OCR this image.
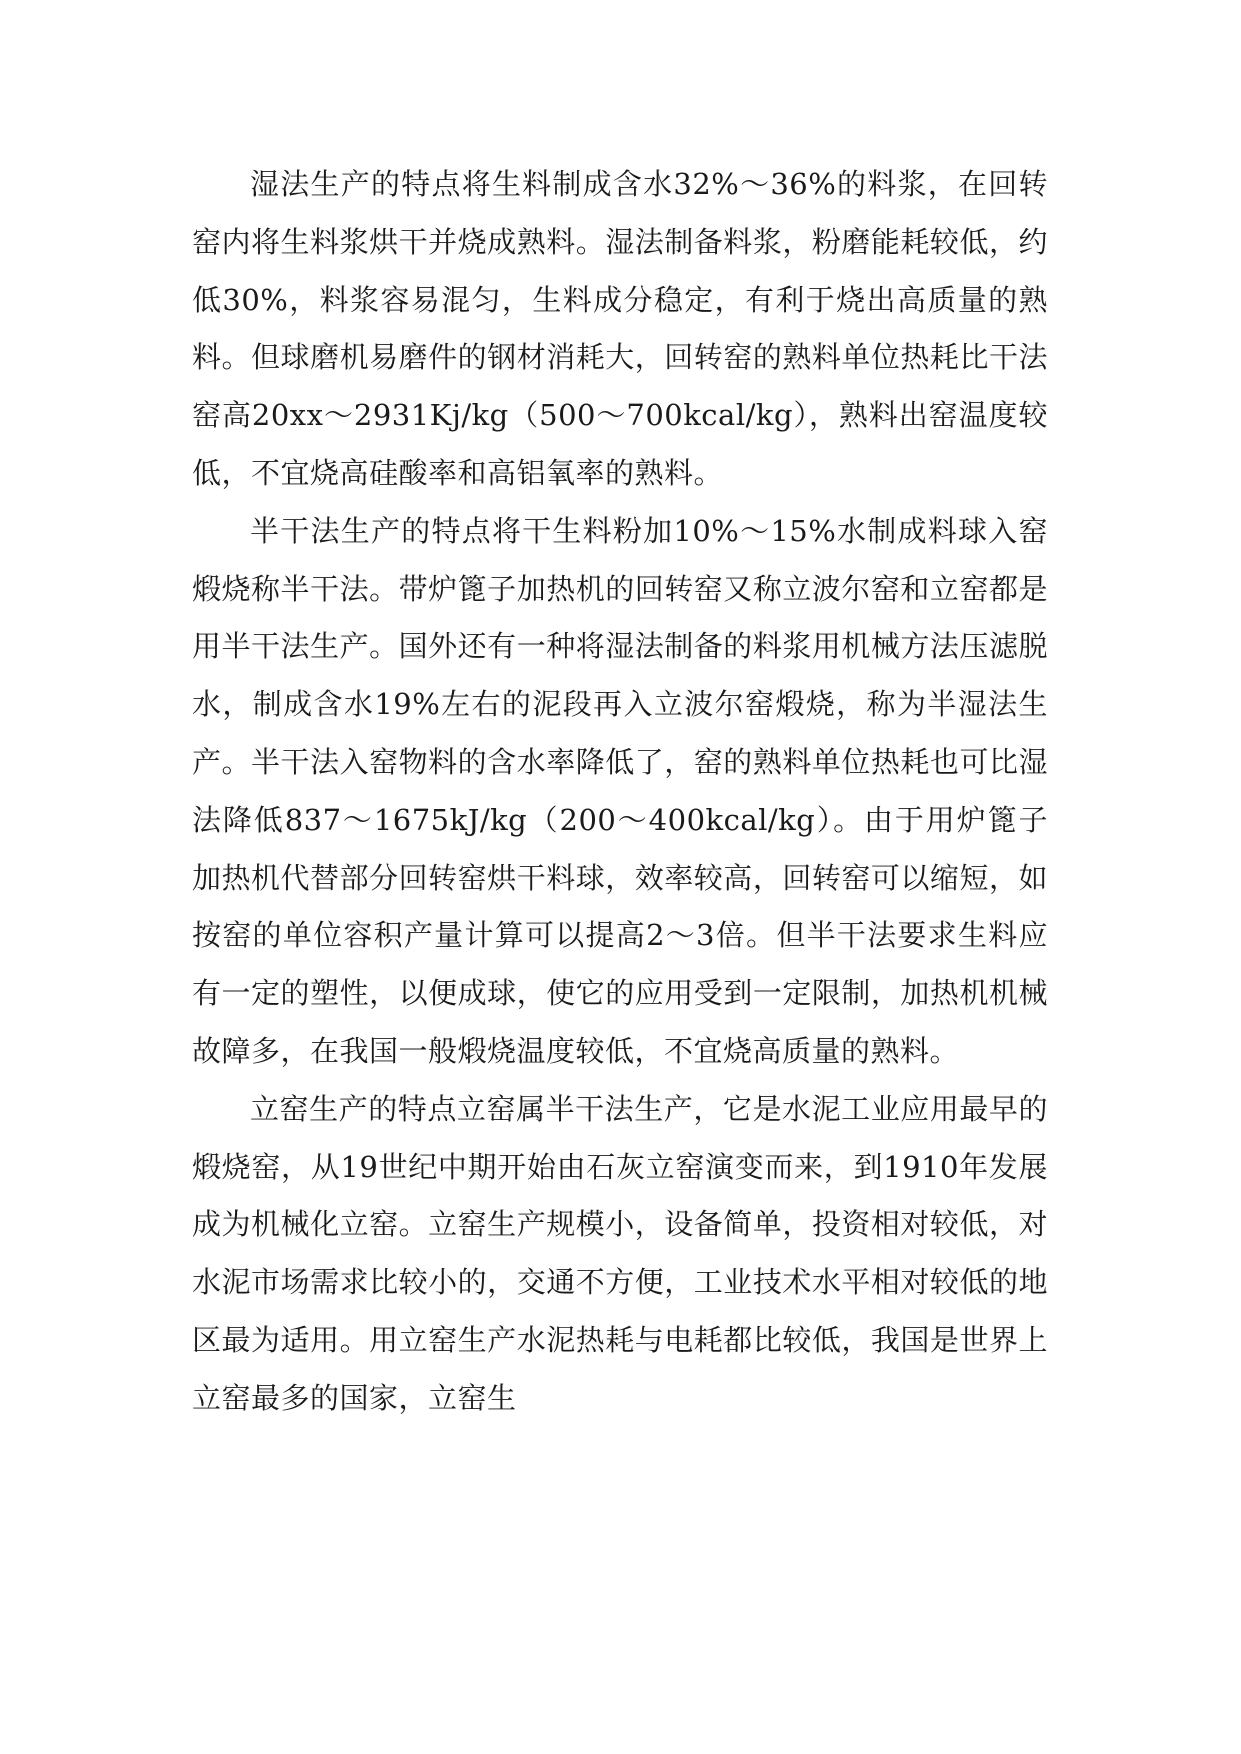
湿法生产的特点将生料制成含水32%～36%的料浆，在回转窑内将生料浆烘干并烧成熟料。湿法制备料浆，粉磨能耗较低，约低30%，料浆容易混匀，生料成分稳定，有利于烧出高质量的熟料。但球磨机易磨件的钢材消耗大，回转窑的熟料单位热耗比干法窑高20xx～2931Kj/kg（500～700kcal/kg），熟料出窑温度较低，不宜烧高硅酸率和高铝氧率的熟料。

半干法生产的特点将干生料粉加10%～15%水制成料球入窑煅烧称半干法。带炉篦子加热机的回转窑又称立波尔窑和立窑都是用半干法生产。国外还有一种将湿法制备的料浆用机械方法压滤脱水，制成含水19%左右的泥段再入立波尔窑煅烧，称为半湿法生产。半干法入窑物料的含水率降低了，窑的熟料单位热耗也可比湿法降低837～1675kJ/kg（200～400kcal/kg）。由于用炉篦子加热机代替部分回转窑烘干料球，效率较高，回转窑可以缩短，如按窑的单位容积产量计算可以提高2～3倍。但半干法要求生料应有一定的塑性，以便成球，使它的应用受到一定限制，加热机机械故障多，在我国一般煅烧温度较低，不宜烧高质量的熟料。

立窑生产的特点立窑属半干法生产，它是水泥工业应用最早的煅烧窑，从19世纪中期开始由石灰立窑演变而来，到1910年发展成为机械化立窑。立窑生产规模小，设备简单，投资相对较低，对水泥市场需求比较小的，交通不方便，工业技术水平相对较低的地区最为适用。用立窑生产水泥热耗与电耗都比较低，我国是世界上立窑最多的国家，立窑生
